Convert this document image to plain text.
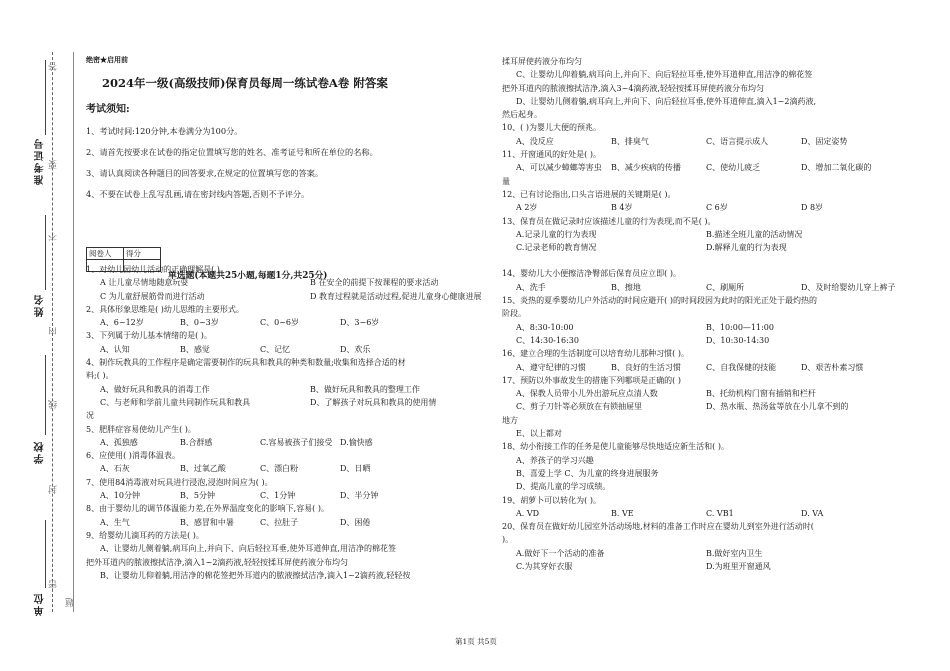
准考证号
姓名
学校
单位
密
封
线
内
不
要
答
题
绝密★启用前
2024年一级(高级技师)保育员每周一练试卷A卷 附答案
考试须知:
1、考试时间:120分钟,本卷满分为100分。
2、请首先按要求在试卷的指定位置填写您的姓名、准考证号和所在单位的名称。
3、请认真阅读各种题目的回答要求,在规定的位置填写您的答案。
4、不要在试卷上乱写乱画,请在密封线内答题,否则不予评分。
阅卷人	得分

单选题(本题共25小题,每题1分,共25分)
1、对幼儿园幼儿活动的正确理解是( )。
A 让儿童尽情地随意玩耍	B 在安全的前提下按课程的要求活动
C 为儿童舒展筋骨而进行活动	D 教育过程就是活动过程,促进儿童身心健康进展
2、具体形象思维是( )幼儿思维的主要形式。
A、6~12岁	B、0~3岁	C、0~6岁	D、3~6岁
3、下列属于幼儿基本情绪的是( )。
A、认知	B、感觉	C、记忆	D、欢乐
4、制作玩教具的工作程序是确定需要制作的玩具和教具的种类和数量;收集和选择合适的材
料;( )。
A、做好玩具和教具的消毒工作	B、做好玩具和教具的整理工作
C、与老师和学前儿童共同制作玩具和教具	D、了解孩子对玩具和教具的使用情
况
5、肥胖症容易使幼儿产生( )。
A、孤独感	B.合群感	C.容易被孩子们接受 D.愉快感
6、应使用( )消毒体温表。
A、石灰	B、过氧乙酸	C、漂白粉	D、日晒
7、使用84消毒液对玩具进行浸泡,浸泡时间应为( )。
A、10分钟	B、5分钟	C、1分钟	D、半分钟
8、由于婴幼儿的调节体温能力差,在外界温度变化的影响下,容易( )。
A、生气	B、感冒和中暑	C、拉肚子	D、困倦
9、给婴幼儿滴耳药的方法是( )。
A、让婴幼儿侧着躺,病耳向上,并向下、向后轻拉耳垂,使外耳道伸直,用洁净的棉花签
把外耳道内的脓液擦拭洁净,滴入1~2滴药液,轻轻按揉耳屏使药液分布均匀
B、让婴幼儿仰着躺,用洁净的棉花签把外耳道内的脓液擦拭洁净,滴入1~2滴药液,轻轻按
揉耳屏使药液分布均匀
C、让婴幼儿仰着躺,病耳向上,并向下、向后轻拉耳垂,使外耳道伸直,用洁净的棉花签
把外耳道内的脓液擦拭洁净,滴入3~4滴药液,轻轻按揉耳屏使药液分布均匀
D、让婴幼儿侧着躺,病耳向上,并向下、向后轻拉耳垂,使外耳道伸直,滴入1~2滴药液,
然后起身。
10、( )为婴儿大便的预兆。
A、没反应	B、排臭气	C、语言提示成人	D、固定姿势
11、开窗通风的好处是( )。
A、可以减少蟑螂等害虫	B、减少疾病的传播	C、使幼儿疲乏	D、增加二氧化碳的
量
12、已有讨论指出,口头言语进展的关键期是( )。
A 2岁	B 4岁	C 6岁	D 8岁
13、保育员在做记录时应该描述儿童的行为表现,而不是( )。
A.记录儿童的行为表现	B.描述全班儿童的活动情况
C.记录老师的教育情况	D.解释儿童的行为表现
14、婴幼儿大小便擦洁净臀部后保育员应立即( )。
A、洗手	B、擦地	C、刷厕所	D、及时给婴幼儿穿上裤子
15、炎热的夏季婴幼儿户外活动的时间应避开( )的时间段因为此时的阳光正处于最灼热的
阶段。
A、8:30-10:00	B、10:00—11:00
C、14:30-16:30	D、10:30-14:30
16、建立合理的生活制度可以培育幼儿那种习惯( )。
A、遵守纪律的习惯	B、良好的生活习惯	C、自我保健的技能	D、艰苦朴素习惯
17、预防以外事故发生的措施下列哪项是正确的( )
A、保教人员带小儿外出游玩应点清人数	B、托幼机构门窗有插销和栏杆
C、剪子刀针等必须放在有锁抽屉里	D、热水瓶、热汤盆等放在小儿拿不到的
地方
E、以上都对
18、幼小衔接工作的任务是使儿童能够尽快地适应新生活和( )。
A、养孩子的学习兴趣
B、喜爱上学 C、为儿童的终身进展服务
D、提高儿童的学习成绩。
19、胡萝卜可以转化为( )。
A. VD	B. VE	C. VB1	D. VA
20、保育员在做好幼儿园室外活动场地,材料的准备工作时应在婴幼儿到室外进行活动时(
)。
A.做好下一个活动的准备	B.做好室内卫生
C.为其穿好衣服	D.为班里开窗通风
第1页 共5页
